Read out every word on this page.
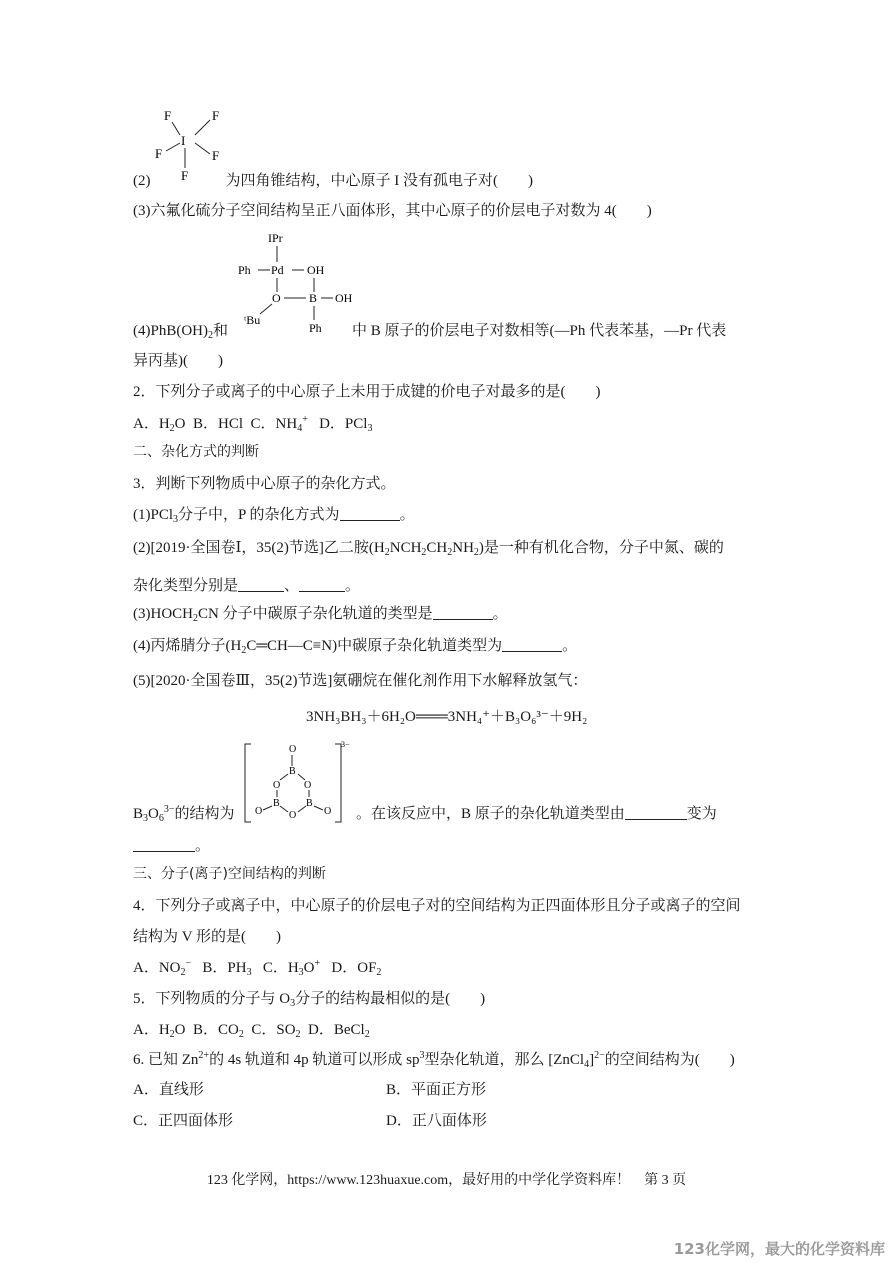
F	F
I
F	F
F
(2)	为四角锥结构，中心原子 I 没有孤电子对(　　)
(3)六氟化硫分子空间结构呈正八面体形，其中心原子的价层电子对数为 4(　　)
IPr
Ph Pd OH
O B OH
ᵗBu
Ph
$(4)PhB(OH)_2$和	中 B 原子的价层电子对数相等(—Ph 代表苯基，—Pr 代表
异丙基)(　　)
2．下列分子或离子的中心原子上未用于成键的价电子对最多的是(　　)
A．$H_2O$ B．HCl C．$NH_4^+$ D．PCl$_3$
二、杂化方式的判断
3．判断下列物质中心原子的杂化方式。
(1)PCl$_3$分子中，P 的杂化方式为	。
(2)[2019·全国卷Ⅰ，35(2)节选]乙二胺$(H_2NCH_2CH_2NH_2)$是一种有机化合物，分子中氮、碳的
杂化类型分别是	、	。
$(3)HOCH_2CN$ 分子中碳原子杂化轨道的类型是	。
(4)丙烯腈分子$(H_2C═CH—C\equiv N)$中碳原子杂化轨道类型为	。
(5)[2020·全国卷Ⅲ，35(2)节选]氨硼烷在催化剂作用下水解释放氢气：
3NH₃BH₃＋6H₂O═══3NH₄⁺＋B₃O₆³⁻＋9H₂
3−
O
B
O O
B	B
O
O	O
$B_3O_6^{3-}$的结构为	。在该反应中，B 原子的杂化轨道类型由	变为
。
三、分子(离子)空间结构的判断
4．下列分子或离子中，中心原子的价层电子对的空间结构为正四面体形且分子或离子的空间
结构为 V 形的是(　　)
A．$NO_2^-$ B．$PH_3$ C．$H_3O^+$ D．$OF_2$
5．下列物质的分子与 $O_3$分子的结构最相似的是(　　)
A．$H_2O$ B．$CO_2$ C．$SO_2$ D．BeCl$_2$
6. 已知 $Zn^{2+}$的 4s 轨道和 4p 轨道可以形成 $sp^3$型杂化轨道，那么 [ZnCl$_4$]$^{2-}$的空间结构为(　　)
A．直线形	B．平面正方形
C．正四面体形	D．正八面体形
123 化学网，https://www.123huaxue.com，最好用的中学化学资料库！　第 3 页
123化学网，最大的化学资料库
